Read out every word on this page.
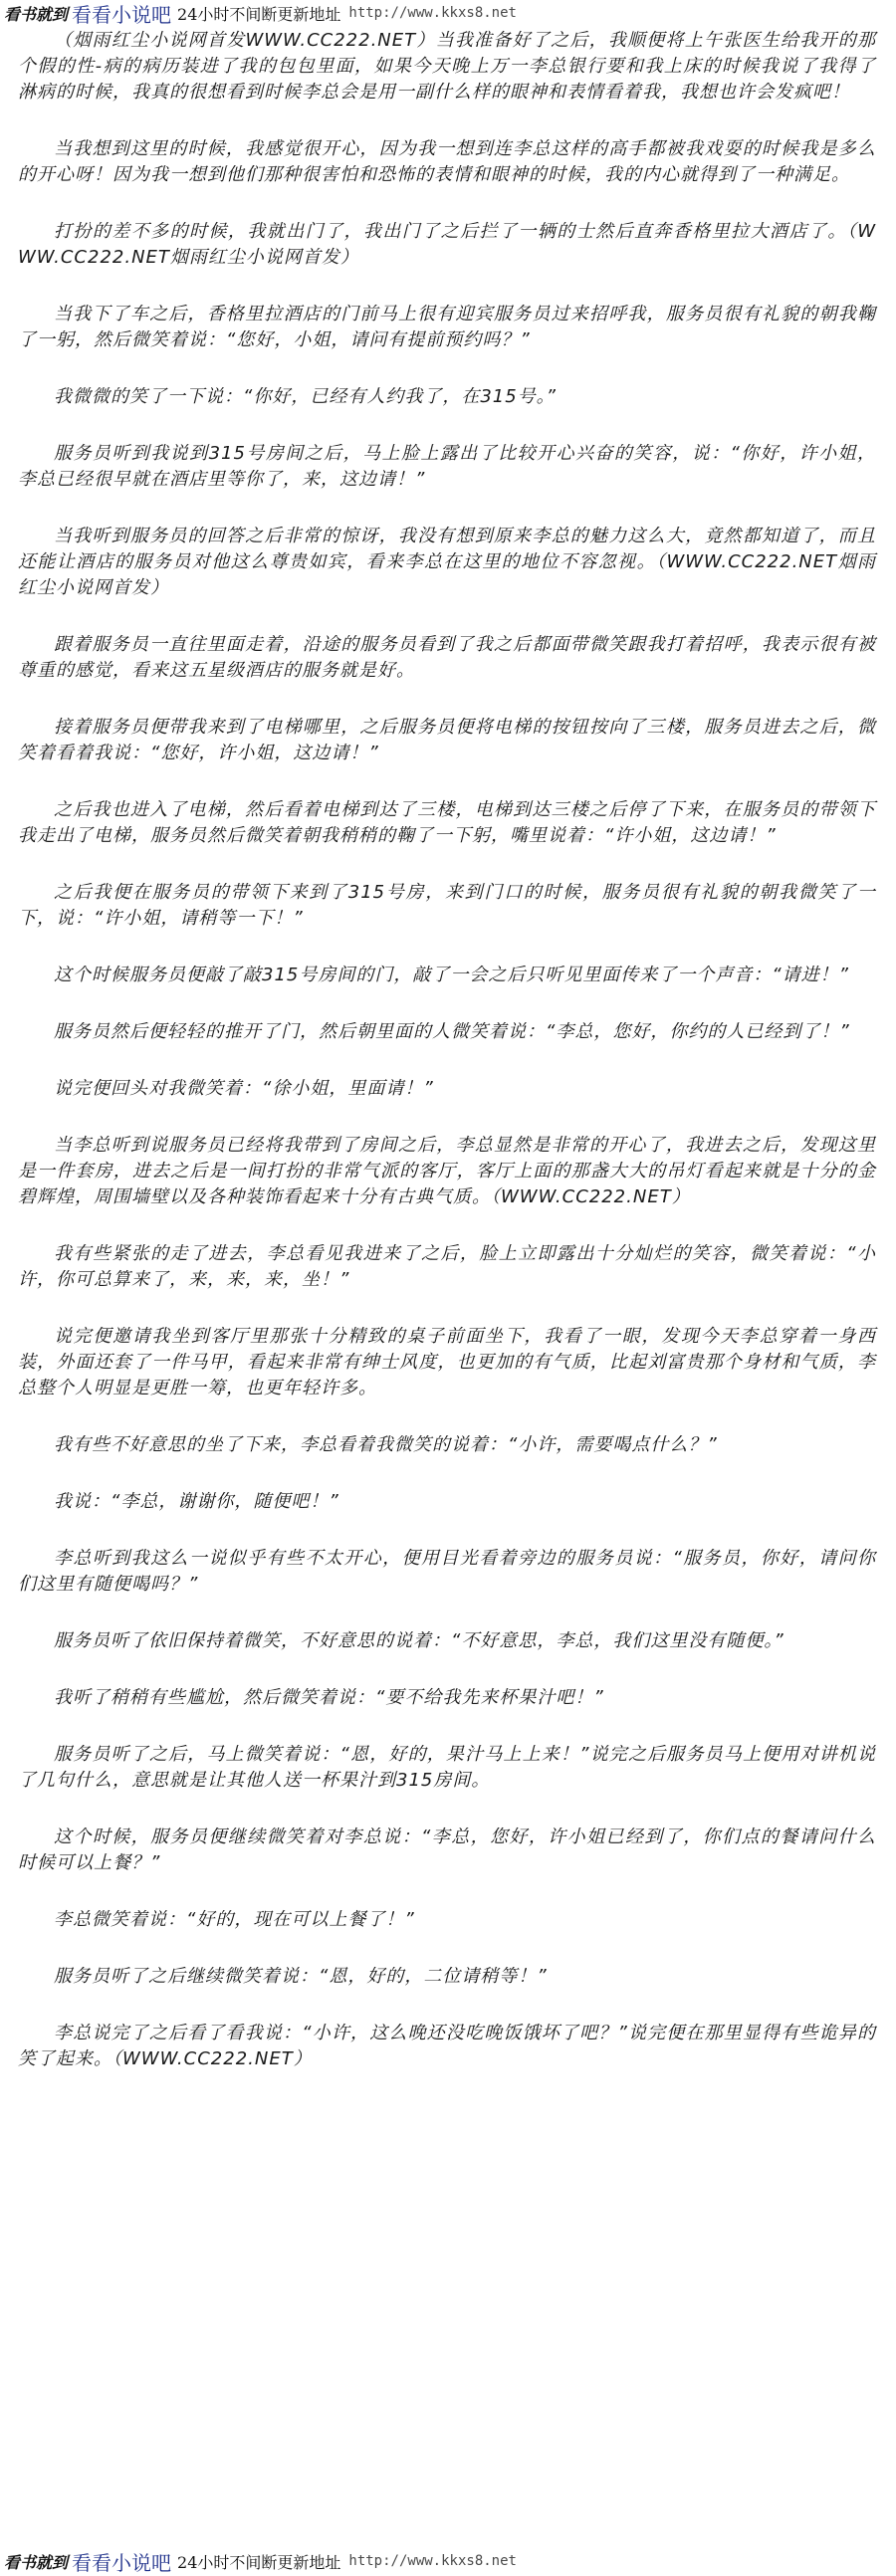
看书就到 看看小说吧 24小时不间断更新地址 http://www.kkxs8.net

（烟雨红尘小说网首发WWW.CC222.NET）当我准备好了之后，我顺便将上午张医生给我开的那个假的性-病的病历装进了我的包包里面，如果今天晚上万一李总银行要和我上床的时候我说了我得了淋病的时候，我真的很想看到时候李总会是用一副什么样的眼神和表情看着我，我想也许会发疯吧！

当我想到这里的时候，我感觉很开心，因为我一想到连李总这样的高手都被我戏耍的时候我是多么的开心呀！因为我一想到他们那种很害怕和恐怖的表情和眼神的时候，我的内心就得到了一种满足。

打扮的差不多的时候，我就出门了，我出门了之后拦了一辆的士然后直奔香格里拉大酒店了。（WWW.CC222.NET烟雨红尘小说网首发）

当我下了车之后，香格里拉酒店的门前马上很有迎宾服务员过来招呼我，服务员很有礼貌的朝我鞠了一躬，然后微笑着说：“您好，小姐，请问有提前预约吗？”

我微微的笑了一下说：“你好，已经有人约我了，在315号。”

服务员听到我说到315号房间之后，马上脸上露出了比较开心兴奋的笑容，说：“你好，许小姐，李总已经很早就在酒店里等你了，来，这边请！”

当我听到服务员的回答之后非常的惊讶，我没有想到原来李总的魅力这么大，竟然都知道了，而且还能让酒店的服务员对他这么尊贵如宾，看来李总在这里的地位不容忽视。（WWW.CC222.NET烟雨红尘小说网首发）

跟着服务员一直往里面走着，沿途的服务员看到了我之后都面带微笑跟我打着招呼，我表示很有被尊重的感觉，看来这五星级酒店的服务就是好。

接着服务员便带我来到了电梯哪里，之后服务员便将电梯的按钮按向了三楼，服务员进去之后，微笑着看着我说：“您好，许小姐，这边请！”

之后我也进入了电梯，然后看着电梯到达了三楼，电梯到达三楼之后停了下来，在服务员的带领下我走出了电梯，服务员然后微笑着朝我稍稍的鞠了一下躬，嘴里说着：“许小姐，这边请！”

之后我便在服务员的带领下来到了315号房，来到门口的时候，服务员很有礼貌的朝我微笑了一下，说：“许小姐，请稍等一下！”

这个时候服务员便敲了敲315号房间的门，敲了一会之后只听见里面传来了一个声音：“请进！”

服务员然后便轻轻的推开了门，然后朝里面的人微笑着说：“李总，您好，你约的人已经到了！”

说完便回头对我微笑着：“徐小姐，里面请！”

当李总听到说服务员已经将我带到了房间之后，李总显然是非常的开心了，我进去之后，发现这里是一件套房，进去之后是一间打扮的非常气派的客厅，客厅上面的那盏大大的吊灯看起来就是十分的金碧辉煌，周围墙壁以及各种装饰看起来十分有古典气质。（WWW.CC222.NET）

我有些紧张的走了进去，李总看见我进来了之后，脸上立即露出十分灿烂的笑容，微笑着说：“小许，你可总算来了，来，来，来，坐！”

说完便邀请我坐到客厅里那张十分精致的桌子前面坐下，我看了一眼，发现今天李总穿着一身西装，外面还套了一件马甲，看起来非常有绅士风度，也更加的有气质，比起刘富贵那个身材和气质，李总整个人明显是更胜一筹，也更年轻许多。

我有些不好意思的坐了下来，李总看着我微笑的说着：“小许，需要喝点什么？”

我说：“李总，谢谢你，随便吧！”

李总听到我这么一说似乎有些不太开心，便用目光看着旁边的服务员说：“服务员，你好，请问你们这里有随便喝吗？”

服务员听了依旧保持着微笑，不好意思的说着：“不好意思，李总，我们这里没有随便。”

我听了稍稍有些尴尬，然后微笑着说：“要不给我先来杯果汁吧！”

服务员听了之后，马上微笑着说：“恩，好的，果汁马上上来！”说完之后服务员马上便用对讲机说了几句什么，意思就是让其他人送一杯果汁到315房间。

这个时候，服务员便继续微笑着对李总说：“李总，您好，许小姐已经到了，你们点的餐请问什么时候可以上餐？”

李总微笑着说：“好的，现在可以上餐了！”

服务员听了之后继续微笑着说：“恩，好的，二位请稍等！”

李总说完了之后看了看我说：“小许，这么晚还没吃晚饭饿坏了吧？”说完便在那里显得有些诡异的笑了起来。（WWW.CC222.NET）

看书就到 看看小说吧 24小时不间断更新地址 http://www.kkxs8.net
